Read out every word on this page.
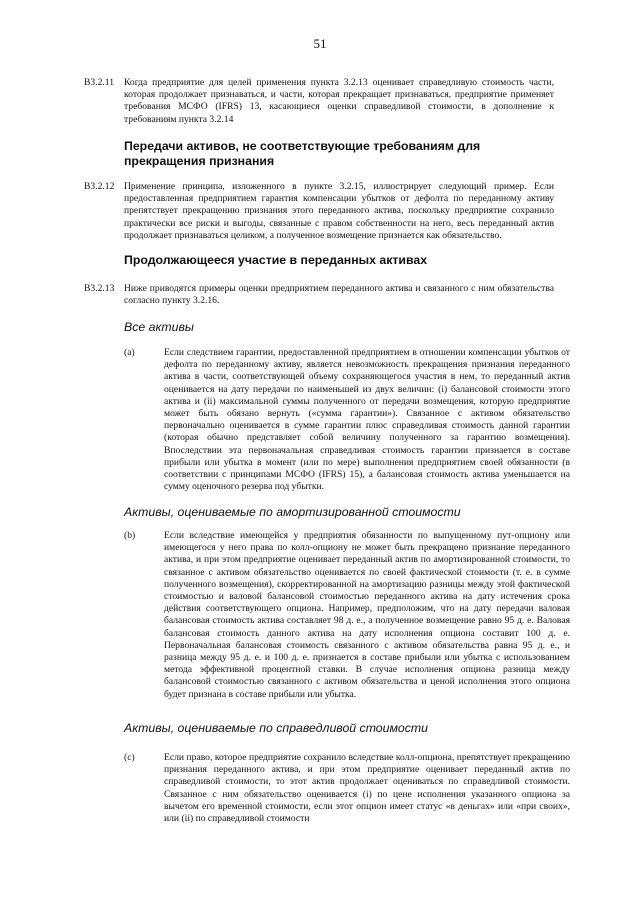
51
В3.2.11	Когда предприятие для целей применения пункта 3.2.13 оценивает справедливую стоимость части, которая продолжает признаваться, и части, которая прекращает признаваться, предприятие применяет требования МСФО (IFRS) 13, касающиеся оценки справедливой стоимости, в дополнение к требованиям пункта 3.2.14
Передачи активов, не соответствующие требованиям для прекращения признания
В3.2.12	Применение принципа, изложенного в пункте 3.2.15, иллюстрирует следующий пример. Если предоставленная предприятием гарантия компенсации убытков от дефолта по переданному активу препятствует прекращению признания этого переданного актива, поскольку предприятие сохранило практически все риски и выгоды, связанные с правом собственности на него, весь переданный актив продолжает признаваться целиком, а полученное возмещение признается как обязательство.
Продолжающееся участие в переданных активах
В3.2.13	Ниже приводятся примеры оценки предприятием переданного актива и связанного с ним обязательства согласно пункту 3.2.16.
Все активы
(a)	Если следствием гарантии, предоставленной предприятием в отношении компенсации убытков от дефолта по переданному активу, является невозможность прекращения признания переданного актива в части, соответствующей объему сохраняющегося участия в нем, то переданный актив оценивается на дату передачи по наименьшей из двух величин: (i) балансовой стоимости этого актива и (ii) максимальной суммы полученного от передачи возмещения, которую предприятие может быть обязано вернуть («сумма гарантии»). Связанное с активом обязательство первоначально оценивается в сумме гарантии плюс справедливая стоимость данной гарантии (которая обычно представляет собой величину полученного за гарантию возмещения). Впоследствии эта первоначальная справедливая стоимость гарантии признается в составе прибыли или убытка в момент (или по мере) выполнения предприятием своей обязанности (в соответствии с принципами МСФО (IFRS) 15), а балансовая стоимость актива уменьшается на сумму оценочного резерва под убытки.
Активы, оцениваемые по амортизированной стоимости
(b)	Если вследствие имеющейся у предприятия обязанности по выпущенному пут-опциону или имеющегося у него права по колл-опциону не может быть прекращено признание переданного актива, и при этом предприятие оценивает переданный актив по амортизированной стоимости, то связанное с активом обязательство оценивается по своей фактической стоимости (т. е. в сумме полученного возмещения), скорректированной на амортизацию разницы между этой фактической стоимостью и валовой балансовой стоимостью переданного актива на дату истечения срока действия соответствующего опциона. Например, предположим, что на дату передачи валовая балансовая стоимость актива составляет 98 д. е., а полученное возмещение равно 95 д. е. Валовая балансовая стоимость данного актива на дату исполнения опциона составит 100 д. е. Первоначальная балансовая стоимость связанного с активом обязательства равна 95 д. е., и разница между 95 д. е. и 100 д. е. признается в составе прибыли или убытка с использованием метода эффективной процентной ставки. В случае исполнения опциона разница между балансовой стоимостью связанного с активом обязательства и ценой исполнения этого опциона будет признана в составе прибыли или убытка.
Активы, оцениваемые по справедливой стоимости
(c)	Если право, которое предприятие сохранило вследствие колл-опциона, препятствует прекращению признания переданного актива, и при этом предприятие оценивает переданный актив по справедливой стоимости, то этот актив продолжает оцениваться по справедливой стоимости. Связанное с ним обязательство оценивается (i) по цене исполнения указанного опциона за вычетом его временной стоимости, если этот опцион имеет статус «в деньгах» или «при своих», или (ii) по справедливой стоимости
